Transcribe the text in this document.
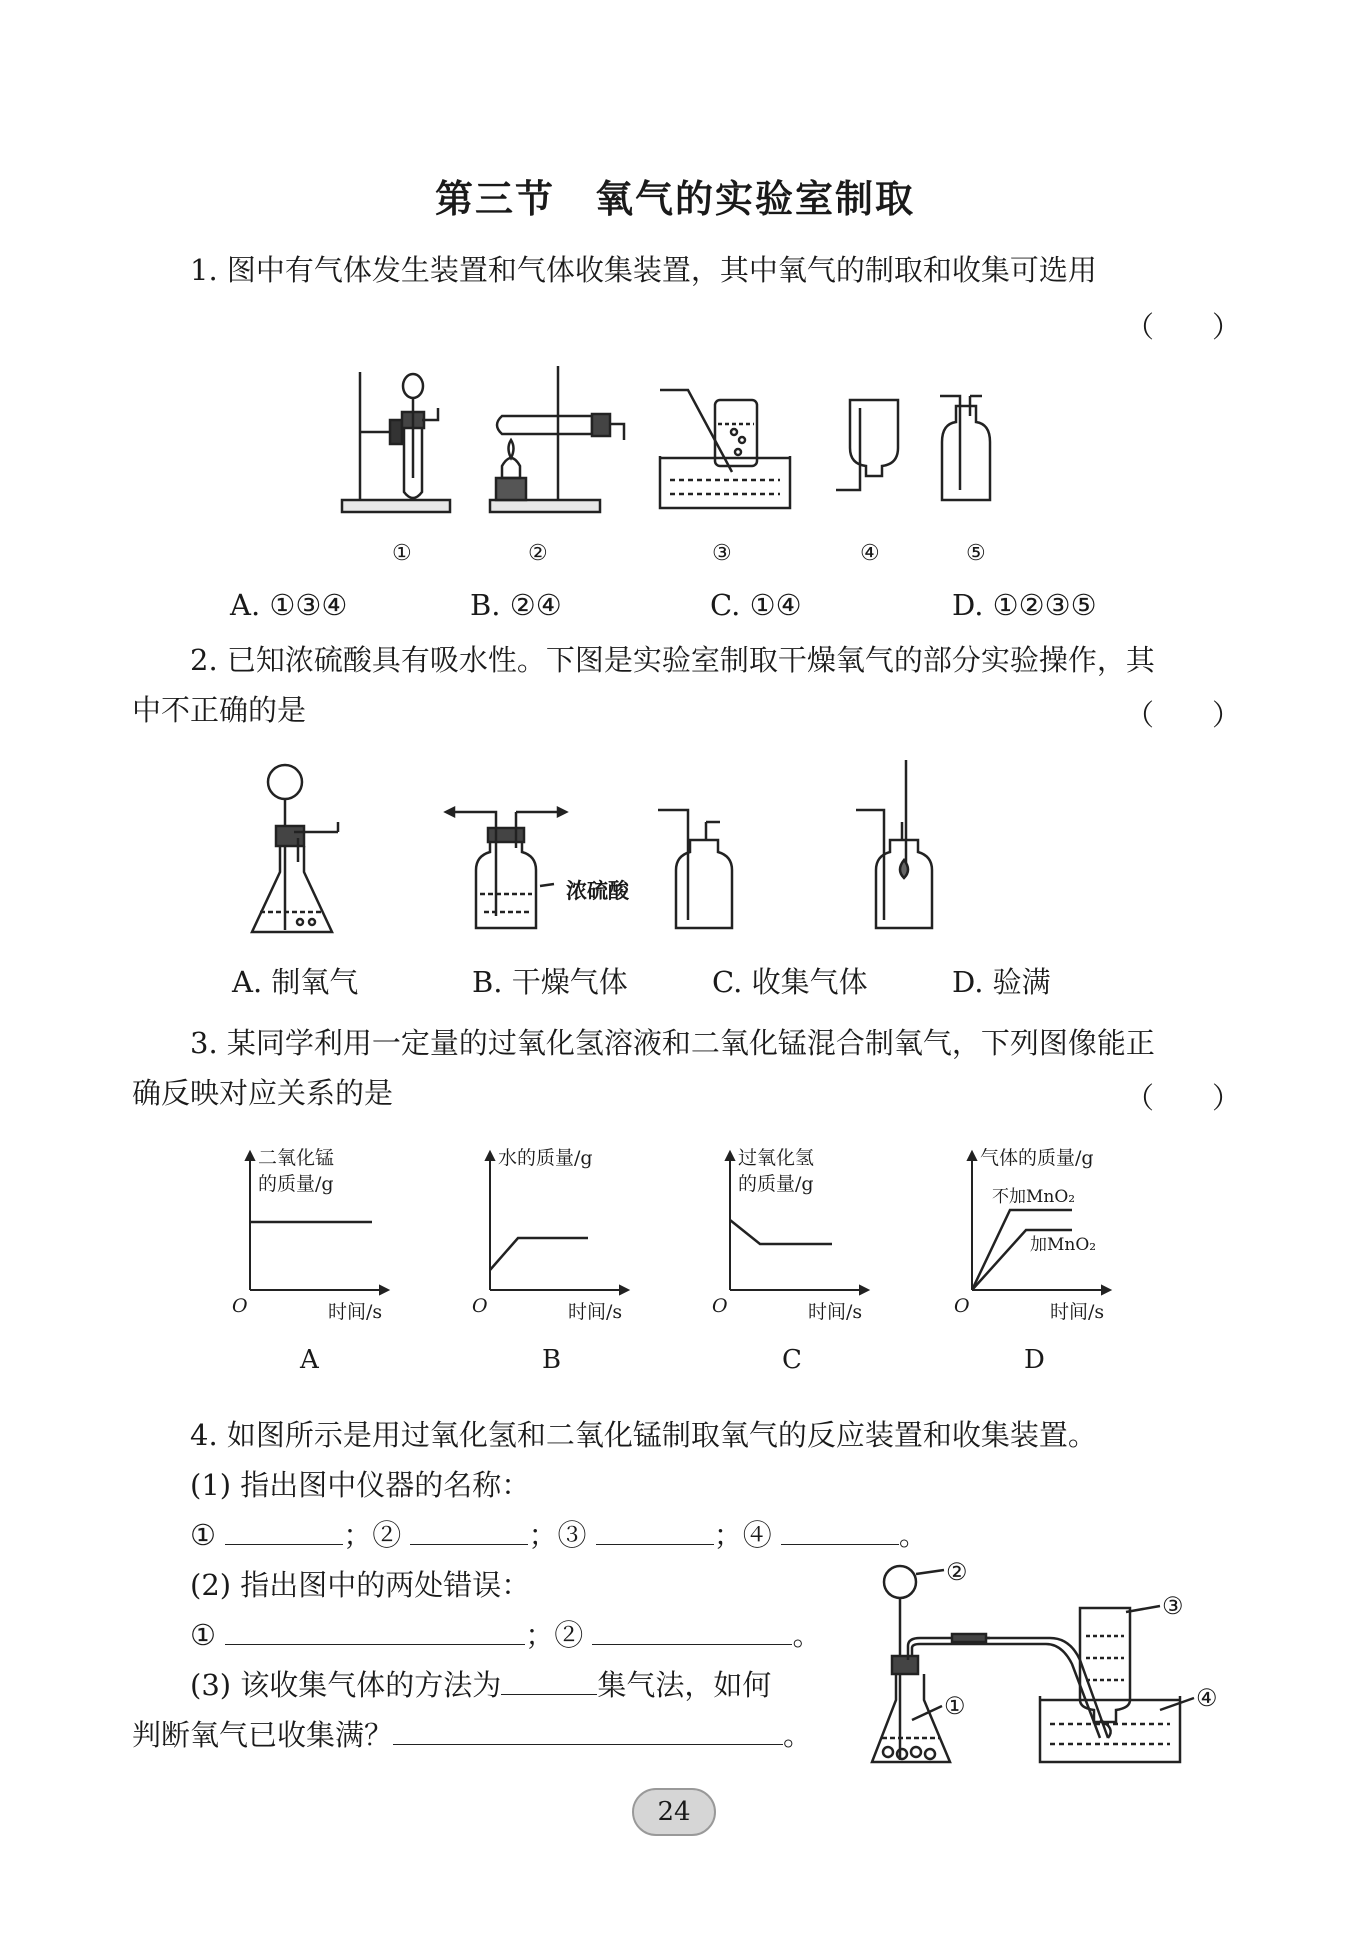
第三节　氧气的实验室制取
1. 图中有气体发生装置和气体收集装置，其中氧气的制取和收集可选用
（　　）
①	②	③	④	⑤
A. ①③④	B. ②④	C. ①④	D. ①②③⑤
2. 已知浓硫酸具有吸水性。下图是实验室制取干燥氧气的部分实验操作，其
中不正确的是	（　　）
浓硫酸
A. 制氧气	B. 干燥气体	C. 收集气体	D. 验满
3. 某同学利用一定量的过氧化氢溶液和二氧化锰混合制氧气，下列图像能正
确反映对应关系的是	（　　）
二氧化锰
的质量/g
O	时间/s
A
水的质量/g
O	时间/s
B
过氧化氢
的质量/g
O	时间/s
C
气体的质量/g
O	时间/s
D
不加MnO₂
加MnO₂
4. 如图所示是用过氧化氢和二氧化锰制取氧气的反应装置和收集装置。
(1) 指出图中仪器的名称：
①	；②	；③	；④	。
(2) 指出图中的两处错误：
①	；②	。
(3) 该收集气体的方法为	集气法，如何
判断氧气已收集满？	。
①
②
③
④
24
